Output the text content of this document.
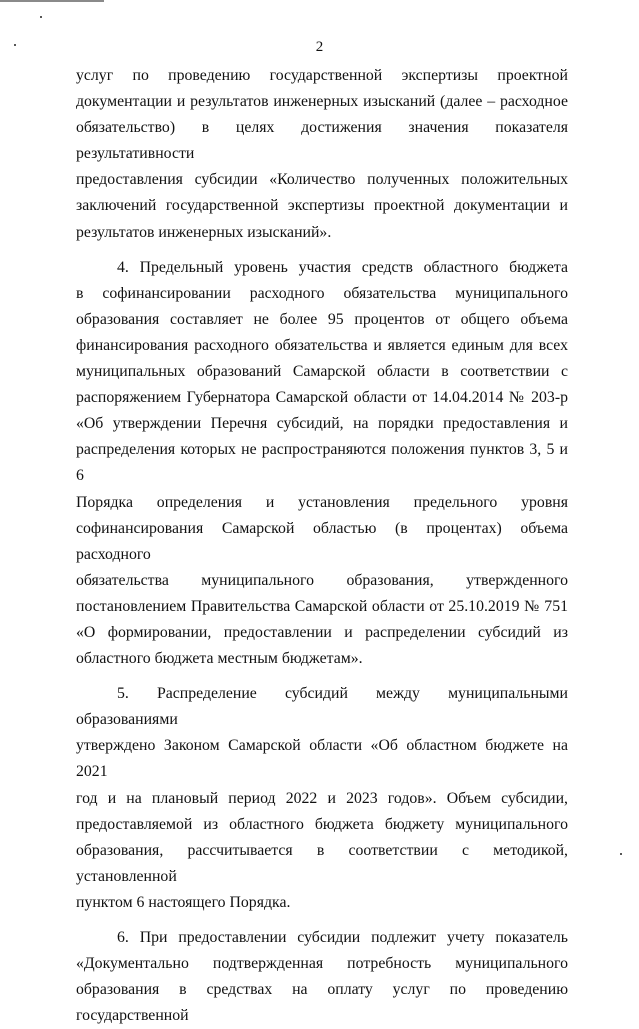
2
услуг по проведению государственной экспертизы проектной
документации и результатов инженерных изысканий (далее – расходное
обязательство) в целях достижения значения показателя результативности
предоставления субсидии «Количество полученных положительных
заключений государственной экспертизы проектной документации и
результатов инженерных изысканий».
4. Предельный уровень участия средств областного бюджета
в софинансировании расходного обязательства муниципального
образования составляет не более 95 процентов от общего объема
финансирования расходного обязательства и является единым для всех
муниципальных образований Самарской области в соответствии с
распоряжением Губернатора Самарской области от 14.04.2014 № 203-р
«Об утверждении Перечня субсидий, на порядки предоставления и
распределения которых не распространяются положения пунктов 3, 5 и 6
Порядка определения и установления предельного уровня
софинансирования Самарской областью (в процентах) объема расходного
обязательства муниципального образования, утвержденного
постановлением Правительства Самарской области от 25.10.2019 № 751
«О формировании, предоставлении и распределении субсидий из
областного бюджета местным бюджетам».
5. Распределение субсидий между муниципальными образованиями
утверждено Законом Самарской области «Об областном бюджете на 2021
год и на плановый период 2022 и 2023 годов». Объем субсидии,
предоставляемой из областного бюджета бюджету муниципального
образования, рассчитывается в соответствии с методикой, установленной
пунктом 6 настоящего Порядка.
6. При предоставлении субсидии подлежит учету показатель
«Документально подтвержденная потребность муниципального
образования в средствах на оплату услуг по проведению государственной
